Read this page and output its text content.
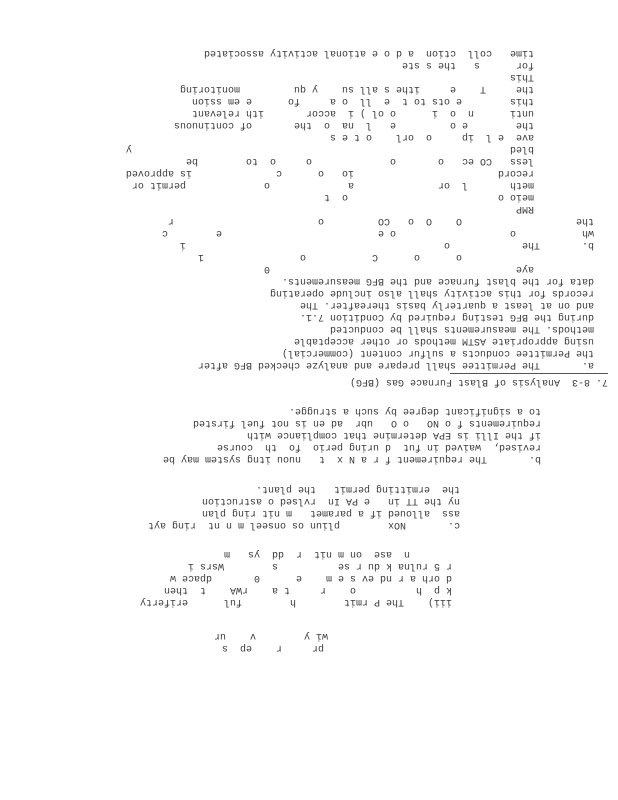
pr     r    ep  s
wi y        v    ur
iii)    The P rmit        h        ful      eriferty
k p  h          o    r     t a    rWA    t  then
d orh a r nd ev s e m    e      0       dpace w
r 5 rulna k du r se          s        Wsrs i
n  ase  on m nit  r  dd  ys   m
c.       NOx        pliun os onseel m n nt  ring ayt
ass  alloued if a paramet   m nit ring plan
ny the TT in   e PA In  rvlsed o astruction
the  ermitting permit   the plant.
b.       The requirement f r a N x  t   nuou itng system may be
revised,  waived in fut  d uring perio  fo  th  course
if the Illi is EPA determine that compliance with
requirements f o NO   o O   ubr  ad en is not fuel firsted
to a significant degree by such a strugge.
7. 8-3  Analysis of Blast Furnace Gas (BFG)
a.       The Permittee shall prepare and analyze checked BFG after
the Permittee conducts a sulfur content (commercial)
using appropriate ASTM methods or other acceptable
methods. The measurements shall be conducted
during the BFG testing required by Condition 7.1.
and on at least a quarterly basis thereafter. The
records for this activity shall also include operating
data for the blast furnace and the BFG measurements.
aye                                         0
o      o      C           o                1
b.       The            o                                           i
wh           o                   o e                          e        c
the                   O    O  o   CO         o                        r
RMP
meio o                         o  t
meth       l  or              a             o             permit or
record                        io   o      c              is approved
less   CO ec   o       o             o     o  to        be
bled                                                               y
ave  e l  ip     o  orl    o t e s
the        e o         e   l  na  o  the       of continuous
unti      n  o  i      o ol ) i  accor       ith relevant
this        e ots to t  e  ll  o a     fo      e em ssion
the     T    e     ithe s all su    y qu         monitoring
This
for      s   the s ste
time   coll  ction  a d o e ational activity associated
